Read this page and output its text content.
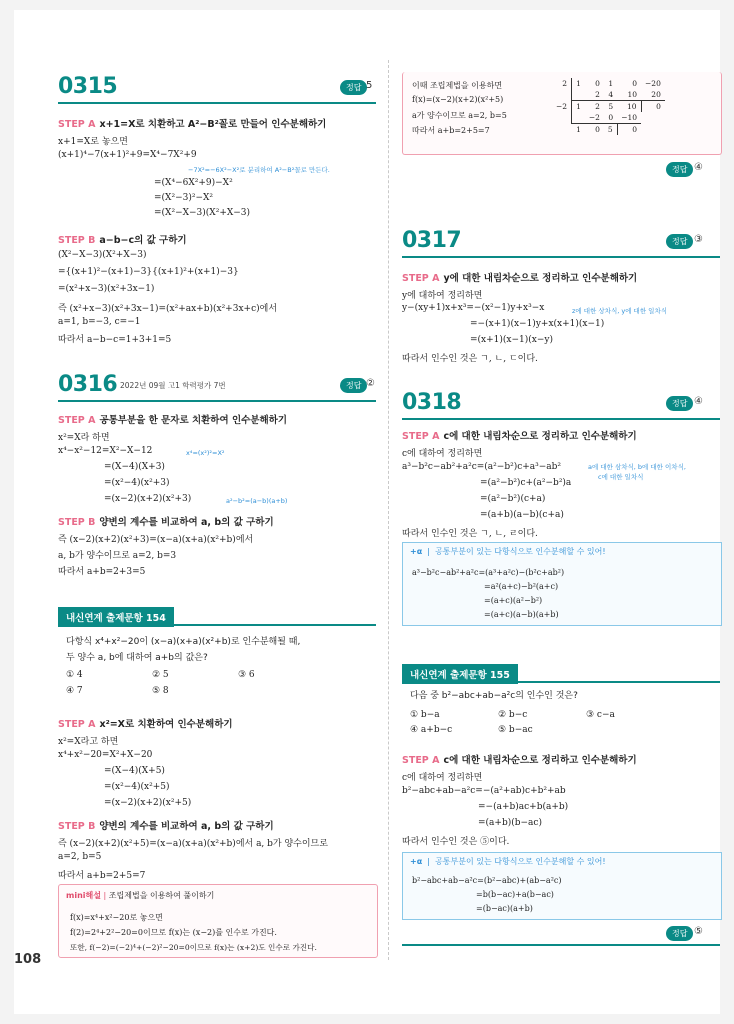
0315	정답 5
STEP A x+1=X로 치환하고 A²−B²꼴로 만들어 인수분해하기
x+1=X로 놓으면
(x+1)⁴−7(x+1)²+9=X⁴−7X²+9
−7X²=−6X²−X²로 분리하여 A²−B²꼴로 만든다.
=(X⁴−6X²+9)−X²
=(X²−3)²−X²
=(X²−X−3)(X²+X−3)
STEP B a−b−c의 값 구하기
(X²−X−3)(X²+X−3)
={(x+1)²−(x+1)−3}{(x+1)²+(x+1)−3}
=(x²+x−3)(x²+3x−1)
즉 (x²+x−3)(x²+3x−1)=(x²+ax+b)(x²+3x+c)에서
a=1, b=−3, c=−1
따라서 a−b−c=1+3+1=5
0316 2022년 09월 고1 학력평가 7번	정답 ②
STEP A 공통부분을 한 문자로 치환하여 인수분해하기
x²=X라 하면
x⁴−x²−12=X²−X−12	x⁴=(x²)²=X²
=(X−4)(X+3)
=(x²−4)(x²+3)
=(x−2)(x+2)(x²+3)	a²−b²=(a−b)(a+b)
STEP B 양변의 계수를 비교하여 a, b의 값 구하기
즉 (x−2)(x+2)(x²+3)=(x−a)(x+a)(x²+b)에서
a, b가 양수이므로 a=2, b=3
따라서 a+b=2+3=5
내신연계 출제문항 154
다항식 x⁴+x²−20이 (x−a)(x+a)(x²+b)로 인수분해될 때,
두 양수 a, b에 대하여 a+b의 값은?
① 4	② 5	③ 6
④ 7	⑤ 8
STEP A x²=X로 치환하여 인수분해하기
x²=X라고 하면
x⁴+x²−20=X²+X−20
=(X−4)(X+5)
=(x²−4)(x²+5)
=(x−2)(x+2)(x²+5)
STEP B 양변의 계수를 비교하여 a, b의 값 구하기
즉 (x−2)(x+2)(x²+5)=(x−a)(x+a)(x²+b)에서 a, b가 양수이므로
a=2, b=5
따라서 a+b=2+5=7
mini해설 | 조립제법을 이용하여 풀이하기
f(x)=x⁴+x²−20로 놓으면
f(2)=2⁴+2²−20=0이므로 f(x)는 (x−2)를 인수로 가진다.
또한, f(−2)=(−2)⁴+(−2)²−20=0이므로 f(x)는 (x+2)도 인수로 가진다.
108
이때 조립제법을 이용하면
f(x)=(x−2)(x+2)(x²+5)
a가 양수이므로 a=2, b=5
따라서 a+b=2+5=7
2	1	0	1	0	−20
		2	4	10	20
−2	1	2	5	10	0
		−2	0	−10	
	1	0	5	0	
정답 ④
0317	정답 ③
STEP A y에 대한 내림차순으로 정리하고 인수분해하기
y에 대하여 정리하면
y−(xy+1)x+x³=−(x²−1)y+x³−x	z에 대한 상차식, y에 대한 일차식
=−(x+1)(x−1)y+x(x+1)(x−1)
=(x+1)(x−1)(x−y)
따라서 인수인 것은 ㄱ, ㄴ, ㄷ이다.
0318	정답 ④
STEP A c에 대한 내림차순으로 정리하고 인수분해하기
c에 대하여 정리하면
a³−b²c−ab²+a²c=(a²−b²)c+a³−ab²	a에 대한 삼차식, b에 대한 이차식,
c에 대한 일차식
=(a²−b²)c+(a²−b²)a
=(a²−b²)(c+a)
=(a+b)(a−b)(c+a)
따라서 인수인 것은 ㄱ, ㄴ, ㄹ이다.
+α  |  공통부분이 있는 다항식으로 인수분해할 수 있어!
a³−b²c−ab²+a²c=(a³+a²c)−(b²c+ab²)
=a²(a+c)−b²(a+c)
=(a+c)(a²−b²)
=(a+c)(a−b)(a+b)
내신연계 출제문항 155
다음 중 b²−abc+ab−a²c의 인수인 것은?
① b−a	② b−c	③ c−a
④ a+b−c	⑤ b−ac
STEP A c에 대한 내림차순으로 정리하고 인수분해하기
c에 대하여 정리하면
b²−abc+ab−a²c=−(a²+ab)c+b²+ab
=−(a+b)ac+b(a+b)
=(a+b)(b−ac)
따라서 인수인 것은 ⑤이다.
+α  |  공통부분이 있는 다항식으로 인수분해할 수 있어!
b²−abc+ab−a²c=(b²−abc)+(ab−a²c)
=b(b−ac)+a(b−ac)
=(b−ac)(a+b)
정답 ⑤
